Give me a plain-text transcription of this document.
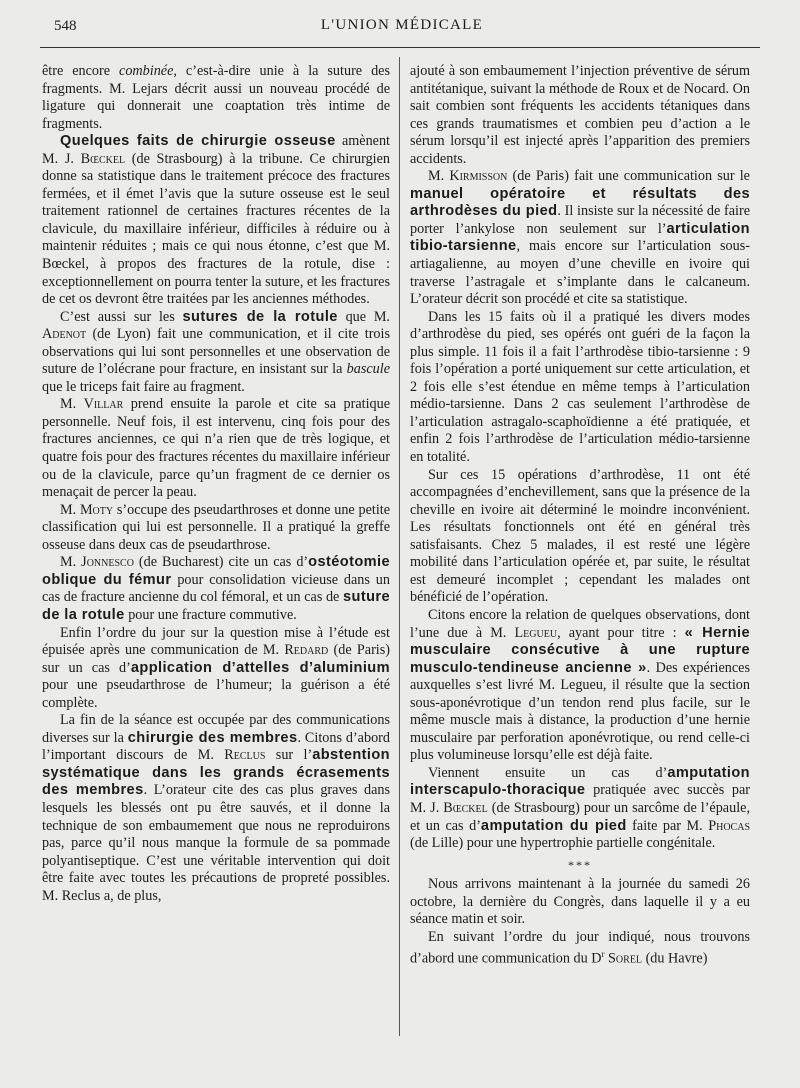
548	L'UNION MÉDICALE

être encore combinée, c’est-à-dire unie à la suture des fragments. M. Lejars décrit aussi un nouveau procédé de ligature qui donnerait une coaptation très intime de fragments.

Quelques faits de chirurgie osseuse amènent M. J. Bœckel (de Strasbourg) à la tribune. Ce chirurgien donne sa statistique dans le traitement précoce des fractures fermées, et il émet l’avis que la suture osseuse est le seul traitement rationnel de certaines fractures récentes de la clavicule, du maxillaire inférieur, difficiles à réduire ou à maintenir réduites ; mais ce qui nous étonne, c’est que M. Bœckel, à propos des fractures de la rotule, dise : exceptionnellement on pourra tenter la suture, et les fractures de cet os devront être traitées par les anciennes méthodes.

C’est aussi sur les sutures de la rotule que M. Adenot (de Lyon) fait une communication, et il cite trois observations qui lui sont personnelles et une observation de suture de l’olécrane pour fracture, en insistant sur la bascule que le triceps fait faire au fragment.

M. Villar prend ensuite la parole et cite sa pratique personnelle. Neuf fois, il est intervenu, cinq fois pour des fractures anciennes, ce qui n’a rien que de très logique, et quatre fois pour des fractures récentes du maxillaire inférieur ou de la clavicule, parce qu’un fragment de ce dernier os menaçait de percer la peau.

M. Moty s’occupe des pseudarthroses et donne une petite classification qui lui est personnelle. Il a pratiqué la greffe osseuse dans deux cas de pseudarthrose.

M. Jonnesco (de Bucharest) cite un cas d’ostéotomie oblique du fémur pour consolidation vicieuse dans un cas de fracture ancienne du col fémoral, et un cas de suture de la rotule pour une fracture commutive.

Enfin l’ordre du jour sur la question mise à l’étude est épuisée après une communication de M. Redard (de Paris) sur un cas d’application d’attelles d’aluminium pour une pseudarthrose de l’humeur; la guérison a été complète.

La fin de la séance est occupée par des communications diverses sur la chirurgie des membres. Citons d’abord l’important discours de M. Reclus sur l’abstention systématique dans les grands écrasements des membres. L’orateur cite des cas plus graves dans lesquels les blessés ont pu être sauvés, et il donne la technique de son embaumement que nous ne reproduirons pas, parce qu’il nous manque la formule de sa pommade polyantiseptique. C’est une véritable intervention qui doit être faite avec toutes les précautions de propreté possibles. M. Reclus a, de plus,

ajouté à son embaumement l’injection préventive de sérum antitétanique, suivant la méthode de Roux et de Nocard. On sait combien sont fréquents les accidents tétaniques dans ces grands traumatismes et combien peu d’action a le sérum lorsqu’il est injecté après l’apparition des premiers accidents.

M. Kirmisson (de Paris) fait une communication sur le manuel opératoire et résultats des arthrodèses du pied. Il insiste sur la nécessité de faire porter l’ankylose non seulement sur l’articulation tibio-tarsienne, mais encore sur l’articulation sous-artiagalienne, au moyen d’une cheville en ivoire qui traverse l’astragale et s’implante dans le calcaneum. L’orateur décrit son procédé et cite sa statistique.

Dans les 15 faits où il a pratiqué les divers modes d’arthrodèse du pied, ses opérés ont guéri de la façon la plus simple. 11 fois il a fait l’arthrodèse tibio-tarsienne : 9 fois l’opération a porté uniquement sur cette articulation, et 2 fois elle s’est étendue en même temps à l’articulation médio-tarsienne. Dans 2 cas seulement l’arthrodèse de l’articulation astragalo-scaphoïdienne a été pratiquée, et enfin 2 fois l’arthrodèse de l’articulation médio-tarsienne en totalité.

Sur ces 15 opérations d’arthrodèse, 11 ont été accompagnées d’enchevillement, sans que la présence de la cheville en ivoire ait déterminé le moindre inconvénient. Les résultats fonctionnels ont été en général très satisfaisants. Chez 5 malades, il est resté une légère mobilité dans l’articulation opérée et, par suite, le résultat est demeuré incomplet ; cependant les malades ont bénéficié de l’opération.

Citons encore la relation de quelques observations, dont l’une due à M. Legueu, ayant pour titre : « Hernie musculaire consécutive à une rupture musculo-tendineuse ancienne ». Des expériences auxquelles s’est livré M. Legueu, il résulte que la section sous-aponévrotique d’un tendon rend plus facile, sur le même muscle mais à distance, la production d’une hernie musculaire par perforation aponévrotique, ou rend celle-ci plus volumineuse lorsqu’elle est déjà faite.

Viennent ensuite un cas d’amputation interscapulo-thoracique pratiquée avec succès par M. J. Bœckel (de Strasbourg) pour un sarcôme de l’épaule, et un cas d’amputation du pied faite par M. Phocas (de Lille) pour une hypertrophie partielle congénitale.

***

Nous arrivons maintenant à la journée du samedi 26 octobre, la dernière du Congrès, dans laquelle il y a eu séance matin et soir.

En suivant l’ordre du jour indiqué, nous trouvons d’abord une communication du $D^r$ Sorel (du Havre)
